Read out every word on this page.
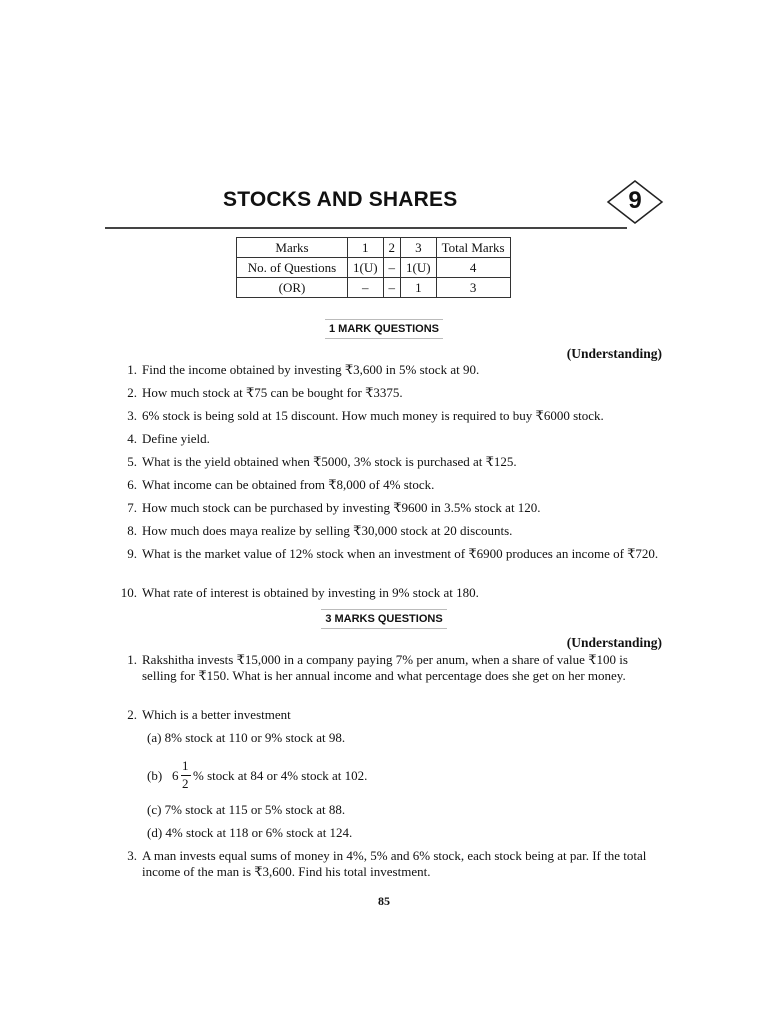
STOCKS AND SHARES	9
Marks	1	2	3	Total Marks
No. of Questions	1(U)	–	1(U)	4
(OR)	–	–	1	3
1 MARK QUESTIONS
(Understanding)
1. Find the income obtained by investing ₹3,600 in 5% stock at 90.
2. How much stock at ₹75 can be bought for ₹3375.
3. 6% stock is being sold at 15 discount. How much money is required to buy ₹6000 stock.
4. Define yield.
5. What is the yield obtained when ₹5000, 3% stock is purchased at ₹125.
6. What income can be obtained from ₹8,000 of 4% stock.
7. How much stock can be purchased by investing ₹9600 in 3.5% stock at 120.
8. How much does maya realize by selling ₹30,000 stock at 20 discounts.
9. What is the market value of 12% stock when an investment of ₹6900 produces an income of ₹720.
10. What rate of interest is obtained by investing in 9% stock at 180.
3 MARKS QUESTIONS
(Understanding)
1. Rakshitha invests ₹15,000 in a company paying 7% per anum, when a share of value ₹100 is selling for ₹150. What is her annual income and what percentage does she get on her money.
2. Which is a better investment
(a) 8% stock at 110 or 9% stock at 98.
(b) 6
1
2
% stock at 84 or 4% stock at 102.
(c) 7% stock at 115 or 5% stock at 88.
(d) 4% stock at 118 or 6% stock at 124.
3. A man invests equal sums of money in 4%, 5% and 6% stock, each stock being at par. If the total income of the man is ₹3,600. Find his total investment.
85
